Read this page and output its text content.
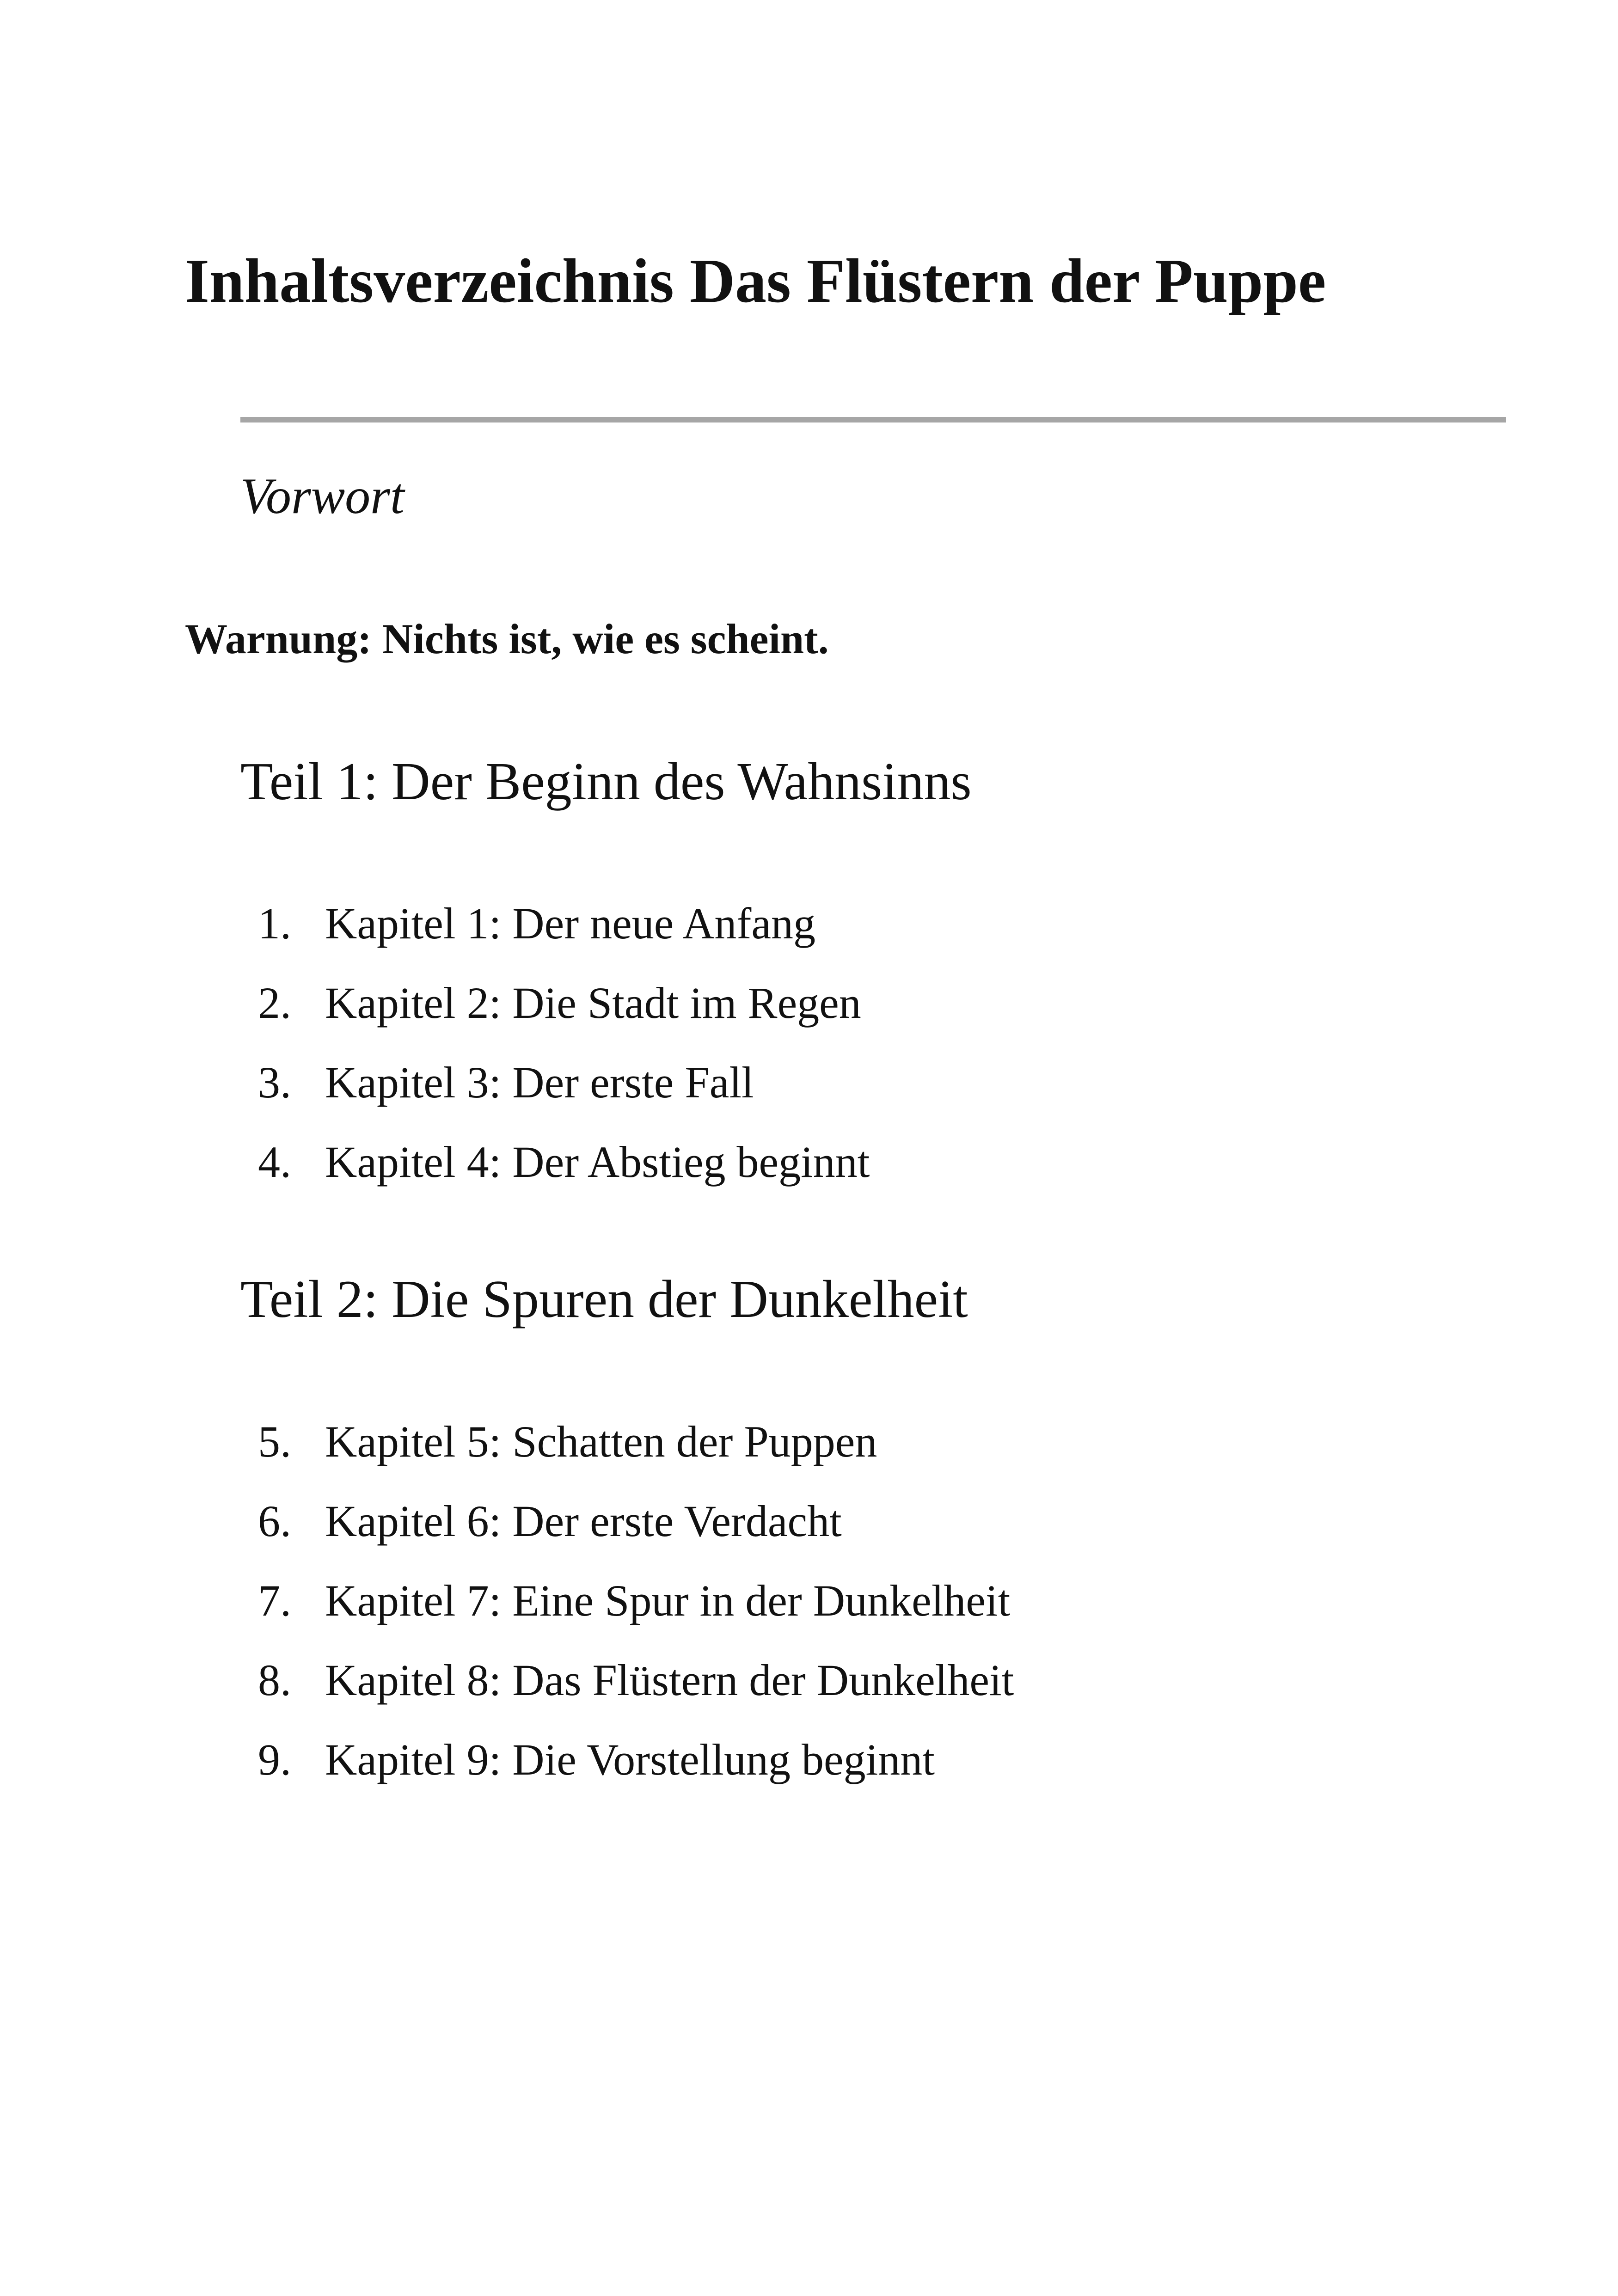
Inhaltsverzeichnis Das Flüstern der Puppe
Vorwort

Warnung: Nichts ist, wie es scheint.

Teil 1: Der Beginn des Wahnsinns
1. Kapitel 1: Der neue Anfang
2. Kapitel 2: Die Stadt im Regen
3. Kapitel 3: Der erste Fall
4. Kapitel 4: Der Abstieg beginnt
Teil 2: Die Spuren der Dunkelheit
5. Kapitel 5: Schatten der Puppen
6. Kapitel 6: Der erste Verdacht
7. Kapitel 7: Eine Spur in der Dunkelheit
8. Kapitel 8: Das Flüstern der Dunkelheit
9. Kapitel 9: Die Vorstellung beginnt
